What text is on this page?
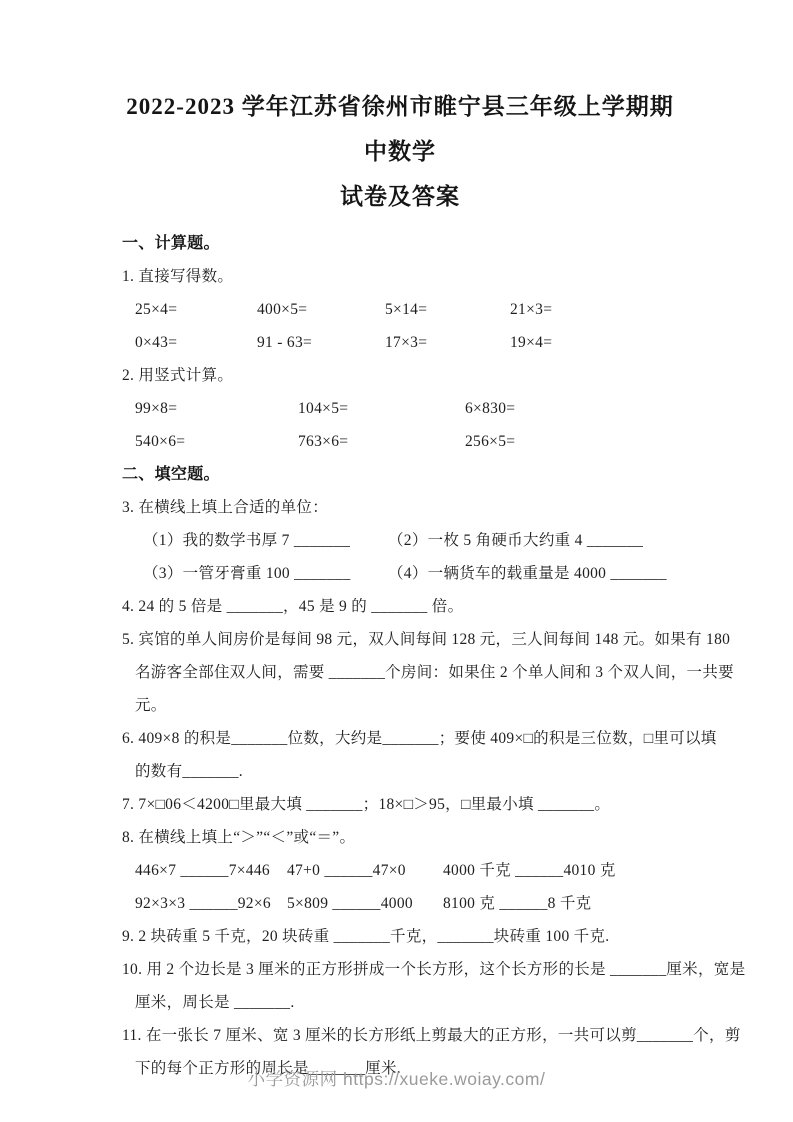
2022-2023 学年江苏省徐州市睢宁县三年级上学期期中数学
试卷及答案
一、计算题。
1. 直接写得数。
25×4=	400×5=	5×14=	21×3=
0×43=	91 - 63=	17×3=	19×4=
2. 用竖式计算。
99×8=	104×5=	6×830=
540×6=	763×6=	256×5=
二、填空题。
3. 在横线上填上合适的单位：
（1）我的数学书厚 7 _______	（2）一枚 5 角硬币大约重 4 _______
（3）一管牙膏重 100 _______	（4）一辆货车的载重量是 4000 _______
4. 24 的 5 倍是 _______，45 是 9 的 _______ 倍。
5. 宾馆的单人间房价是每间 98 元，双人间每间 128 元，三人间每间 148 元。如果有 180
名游客全部住双人间，需要 _______个房间：如果住 2 个单人间和 3 个双人间，一共要
元。
6. 409×8 的积是_______位数，大约是_______；要使 409×□的积是三位数，□里可以填
的数有_______.
7. 7×□06＜4200□里最大填 _______；18×□＞95，□里最小填 _______。
8. 在横线上填上“＞”“＜”或“＝”。
446×7 ______7×446	47+0 ______47×0	4000 千克 ______4010 克
92×3×3 ______92×6	5×809 ______4000	8100 克 ______8 千克
9. 2 块砖重 5 千克，20 块砖重 _______千克，_______块砖重 100 千克.
10. 用 2 个边长是 3 厘米的正方形拼成一个长方形，这个长方形的长是 _______厘米，宽是
厘米，周长是 _______.
11. 在一张长 7 厘米、宽 3 厘米的长方形纸上剪最大的正方形，一共可以剪_______个，剪
下的每个正方形的周长是_______厘米.
小学资源网 https://xueke.woiay.com/
